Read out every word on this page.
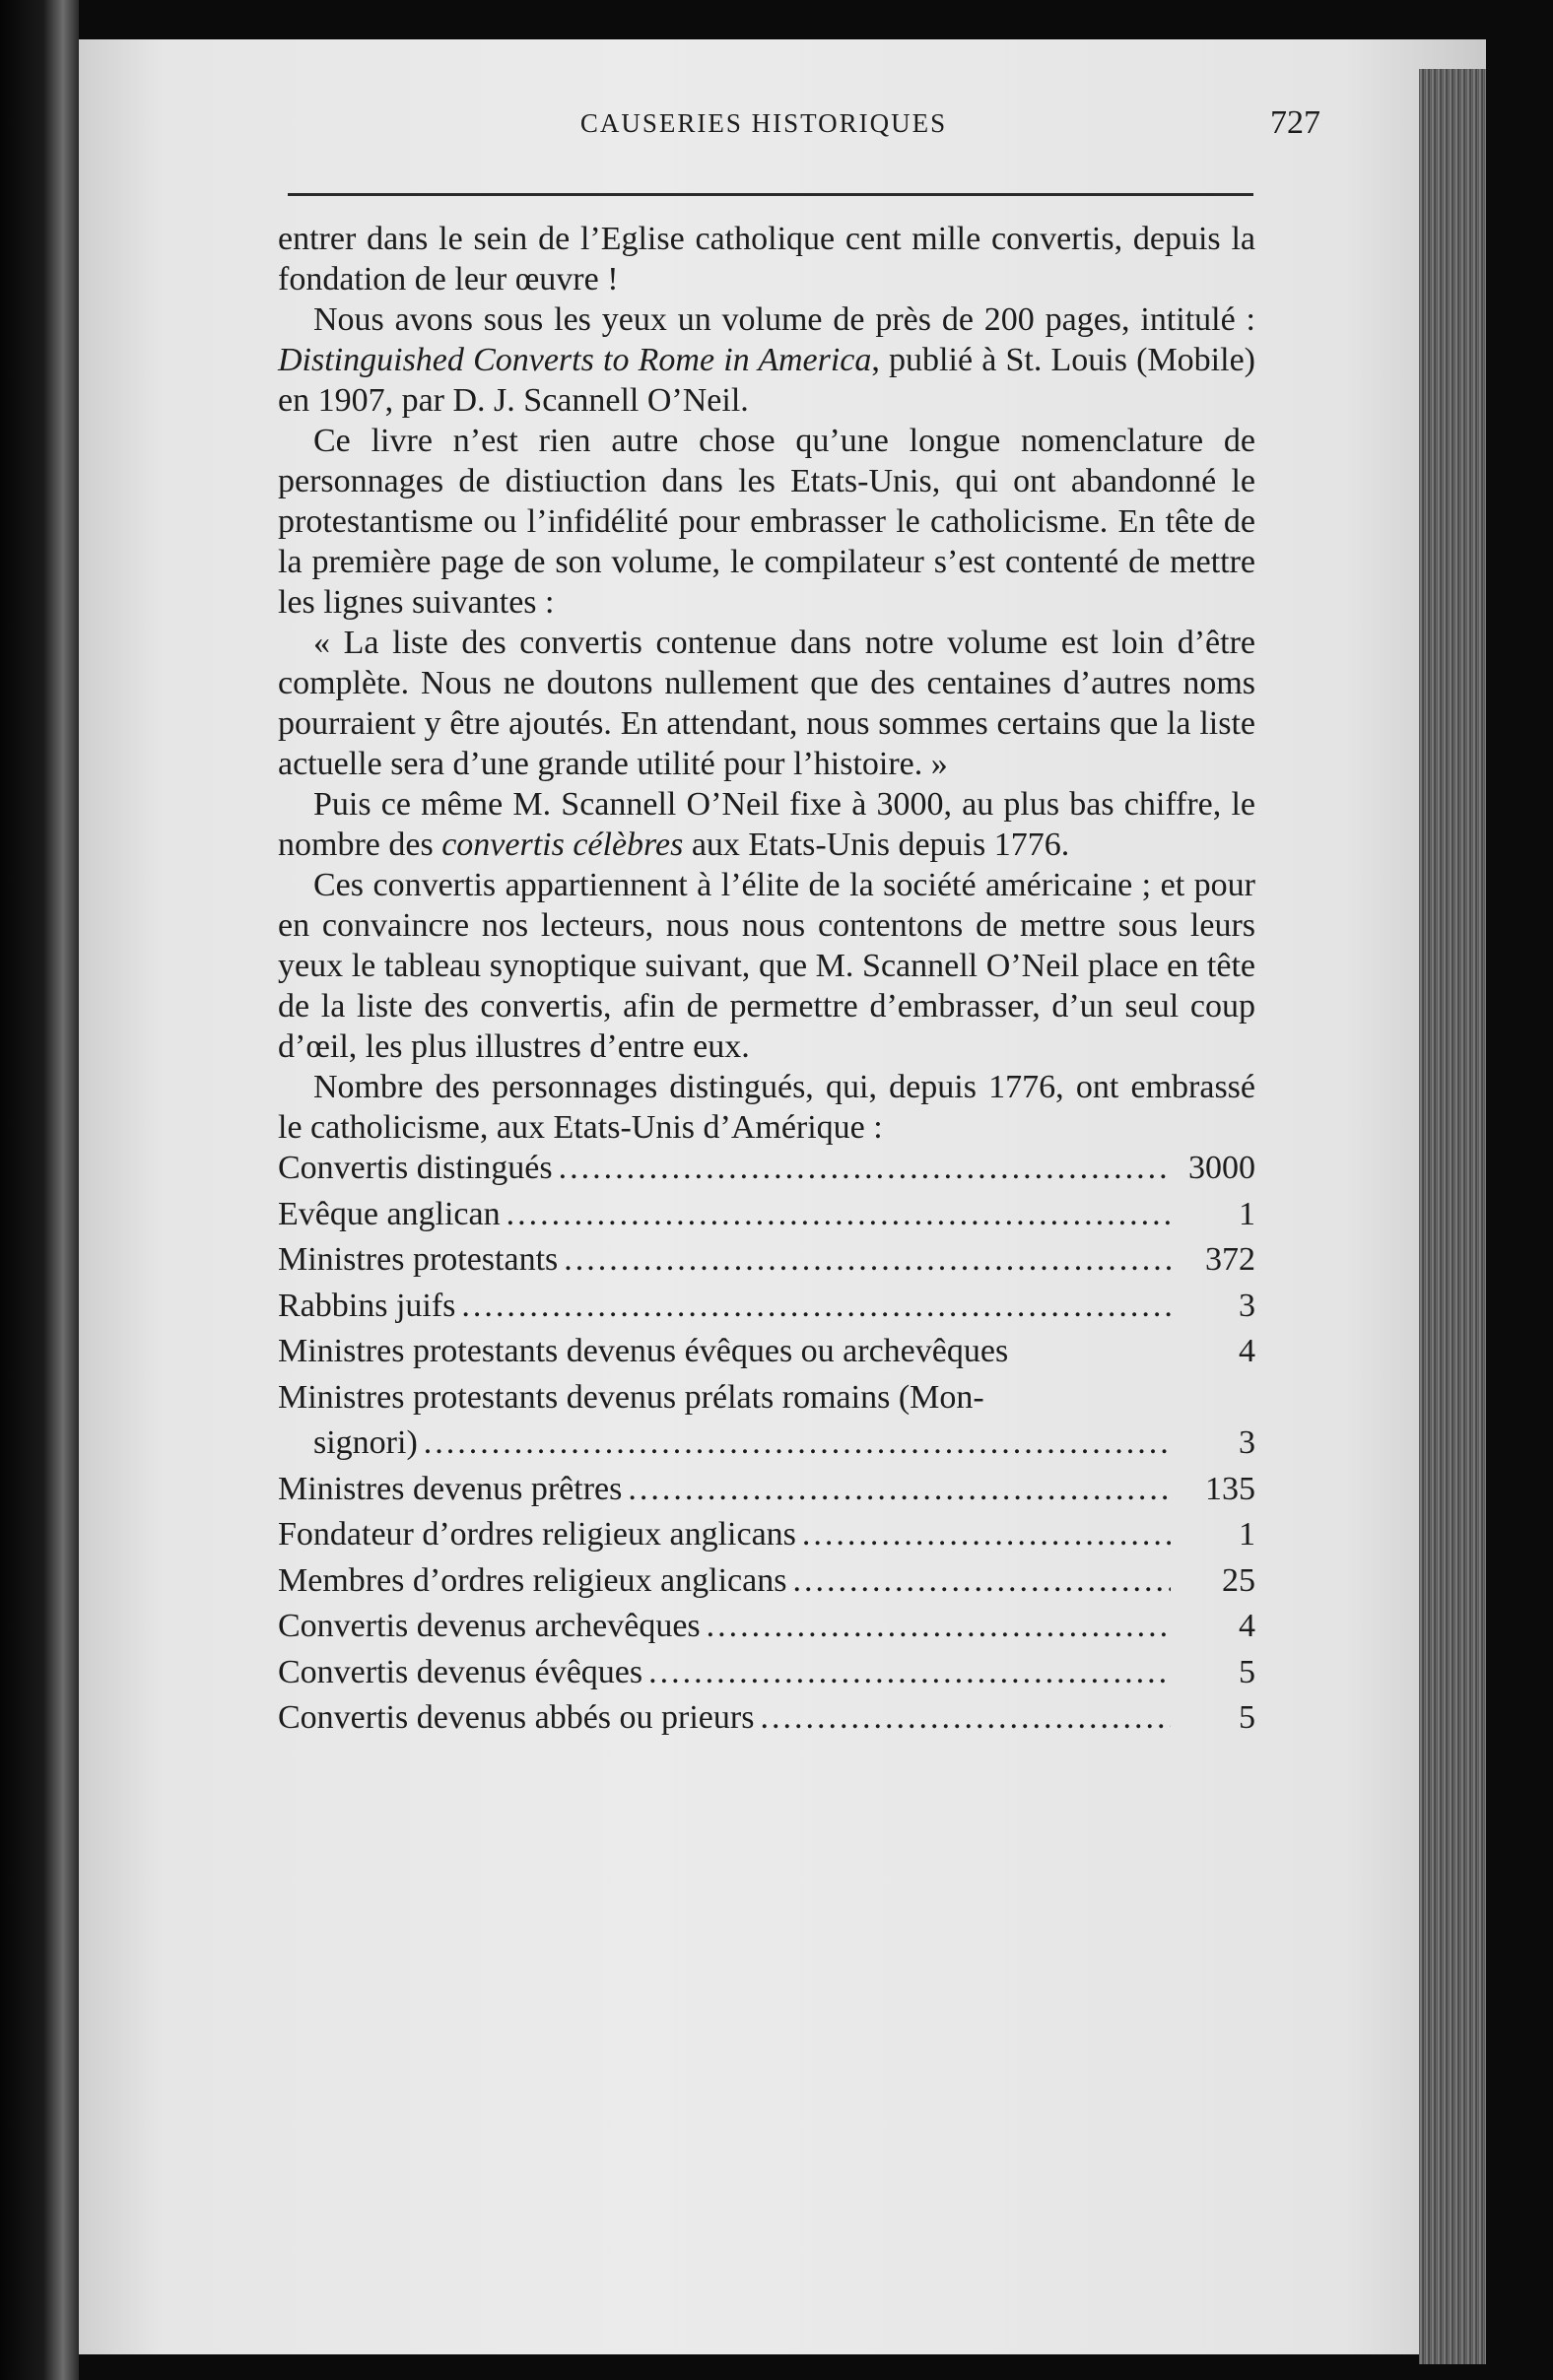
CAUSERIES HISTORIQUES	727

entrer dans le sein de l’Eglise catholique cent mille convertis, depuis la fondation de leur œuvre !

Nous avons sous les yeux un volume de près de 200 pages, intitulé : Distinguished Converts to Rome in America, publié à St. Louis (Mobile) en 1907, par D. J. Scannell O’Neil.

Ce livre n’est rien autre chose qu’une longue nomenclature de personnages de distiuction dans les Etats-Unis, qui ont abandonné le protestantisme ou l’infidélité pour embrasser le catholicisme. En tête de la première page de son volume, le compilateur s’est contenté de mettre les lignes suivantes :

« La liste des convertis contenue dans notre volume est loin d’être complète. Nous ne doutons nullement que des centaines d’autres noms pourraient y être ajoutés. En attendant, nous sommes certains que la liste actuelle sera d’une grande utilité pour l’histoire. »

Puis ce même M. Scannell O’Neil fixe à 3000, au plus bas chiffre, le nombre des convertis célèbres aux Etats-Unis depuis 1776.

Ces convertis appartiennent à l’élite de la société américaine ; et pour en convaincre nos lecteurs, nous nous contentons de mettre sous leurs yeux le tableau synoptique suivant, que M. Scannell O’Neil place en tête de la liste des convertis, afin de permettre d’embrasser, d’un seul coup d’œil, les plus illustres d’entre eux.

Nombre des personnages distingués, qui, depuis 1776, ont embrassé le catholicisme, aux Etats-Unis d’Amérique :

Convertis distingués .....	3000
Evêque anglican .....	1
Ministres protestants .....	372
Rabbins juifs .....	3
Ministres protestants devenus évêques ou archevêques	4
Ministres protestants devenus prélats romains (Mon-
signori) .....	3
Ministres devenus prêtres .....	135
Fondateur d’ordres religieux anglicans .....	1
Membres d’ordres religieux anglicans .....	25
Convertis devenus archevêques .....	4
Convertis devenus évêques .....	5
Convertis devenus abbés ou prieurs .....	5
